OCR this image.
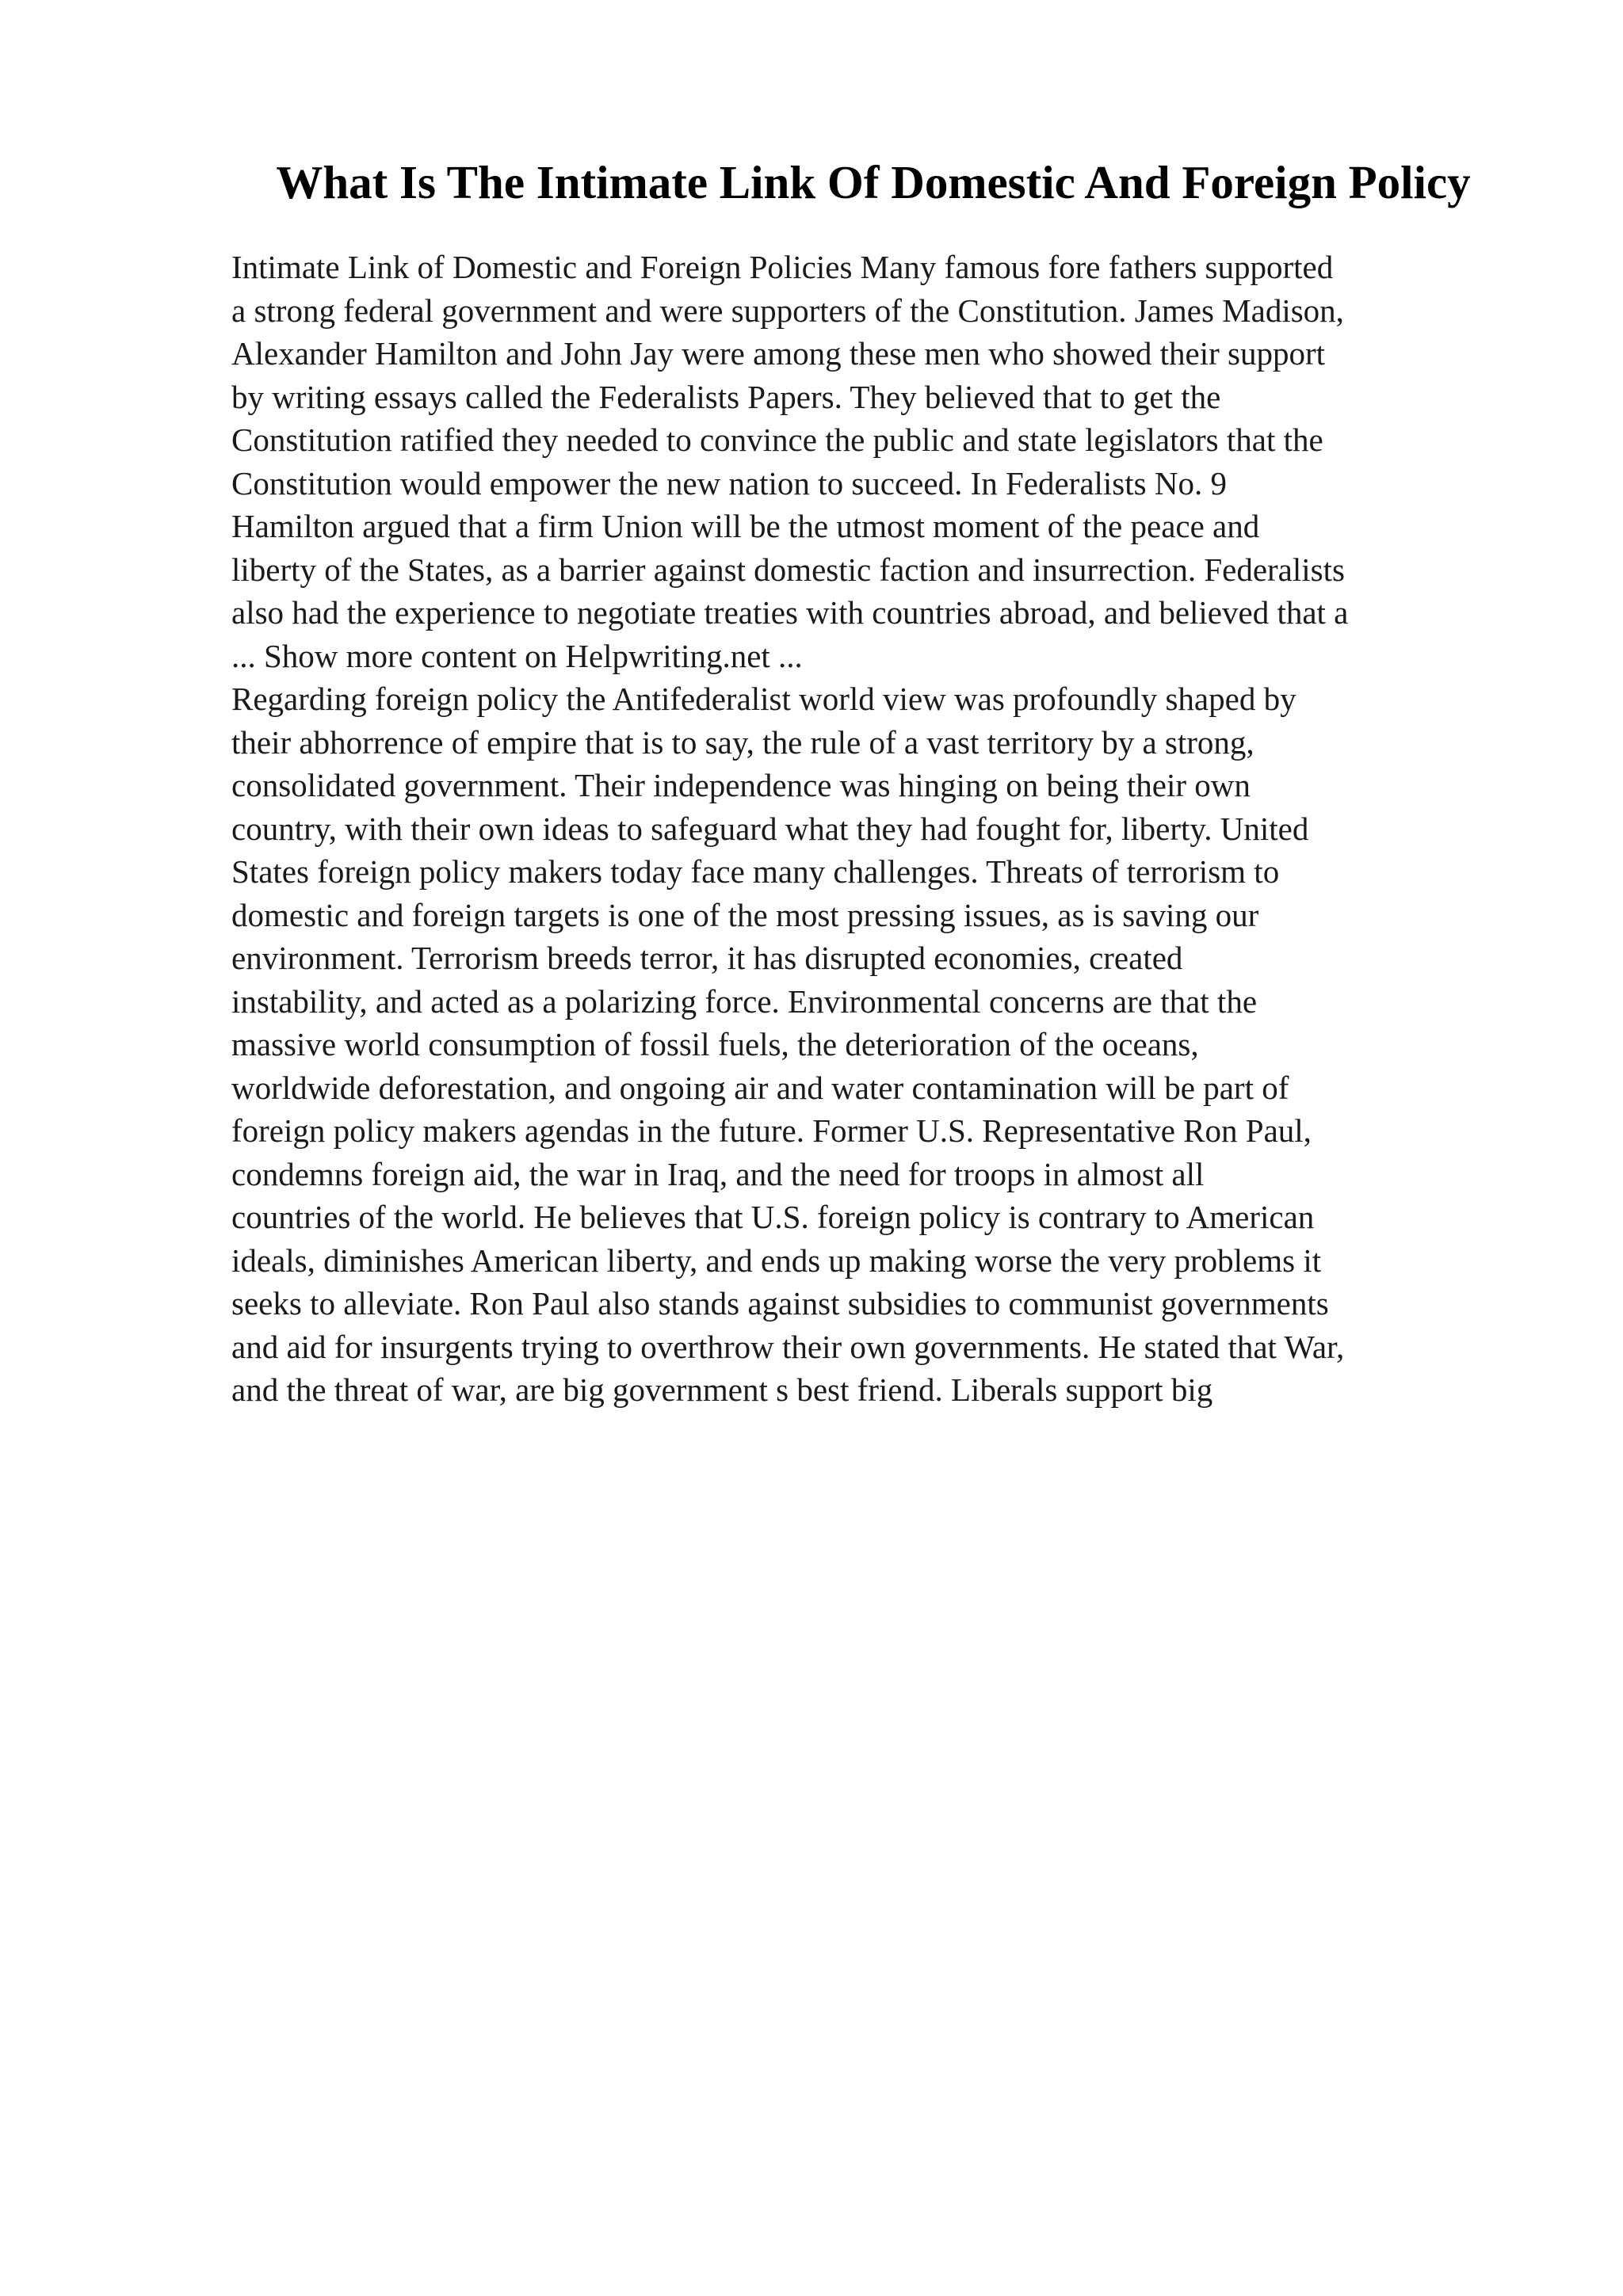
What Is The Intimate Link Of Domestic And Foreign Policy

Intimate Link of Domestic and Foreign Policies Many famous fore fathers supported

a strong federal government and were supporters of the Constitution. James Madison,

Alexander Hamilton and John Jay were among these men who showed their support

by writing essays called the Federalists Papers. They believed that to get the

Constitution ratified they needed to convince the public and state legislators that the

Constitution would empower the new nation to succeed. In Federalists No. 9

Hamilton argued that a firm Union will be the utmost moment of the peace and

liberty of the States, as a barrier against domestic faction and insurrection. Federalists

also had the experience to negotiate treaties with countries abroad, and believed that a

... Show more content on Helpwriting.net ...

Regarding foreign policy the Antifederalist world view was profoundly shaped by

their abhorrence of empire that is to say, the rule of a vast territory by a strong,

consolidated government. Their independence was hinging on being their own

country, with their own ideas to safeguard what they had fought for, liberty. United

States foreign policy makers today face many challenges. Threats of terrorism to

domestic and foreign targets is one of the most pressing issues, as is saving our

environment. Terrorism breeds terror, it has disrupted economies, created

instability, and acted as a polarizing force. Environmental concerns are that the

massive world consumption of fossil fuels, the deterioration of the oceans,

worldwide deforestation, and ongoing air and water contamination will be part of

foreign policy makers agendas in the future. Former U.S. Representative Ron Paul,

condemns foreign aid, the war in Iraq, and the need for troops in almost all

countries of the world. He believes that U.S. foreign policy is contrary to American

ideals, diminishes American liberty, and ends up making worse the very problems it

seeks to alleviate. Ron Paul also stands against subsidies to communist governments

and aid for insurgents trying to overthrow their own governments. He stated that War,

and the threat of war, are big government s best friend. Liberals support big
